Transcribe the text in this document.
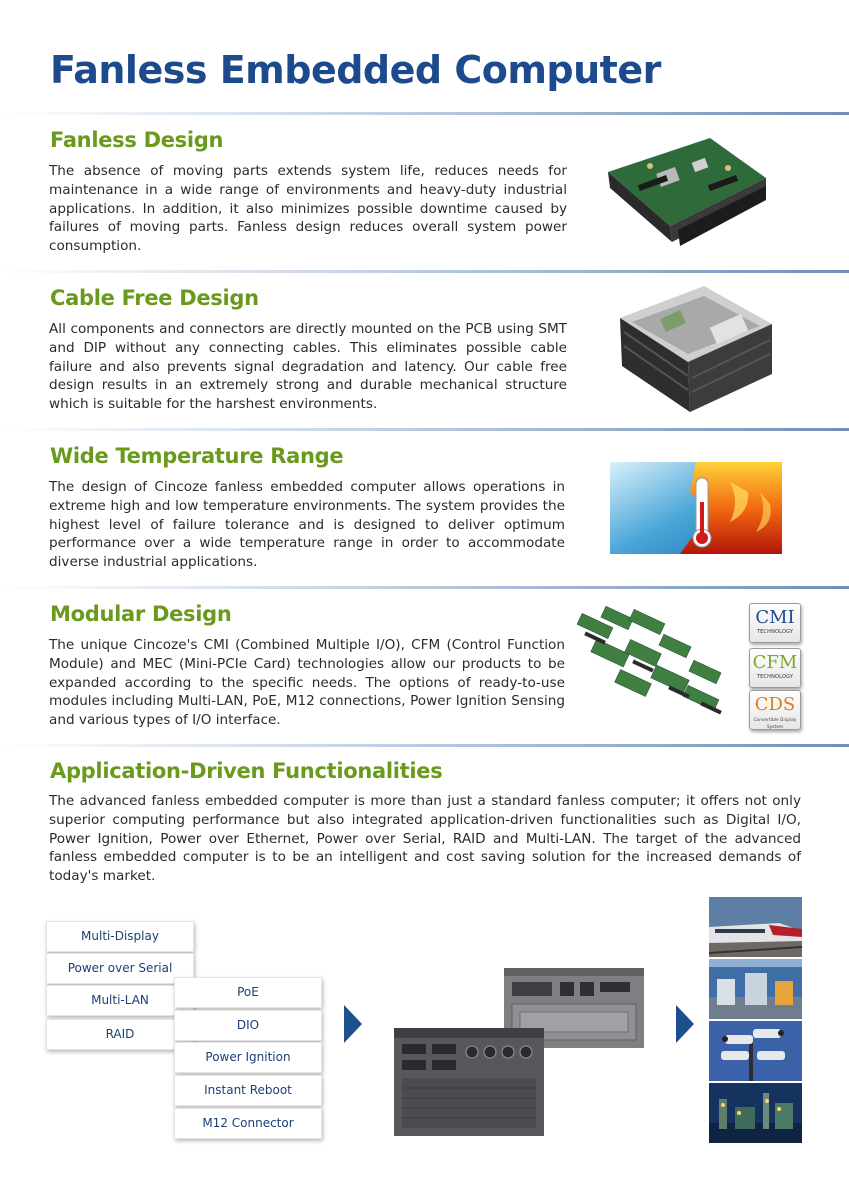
Fanless Embedded Computer
Fanless Design

The absence of moving parts extends system life, reduces needs for maintenance in a wide range of environments and heavy-duty industrial applications. In addition, it also minimizes possible downtime caused by failures of moving parts. Fanless design reduces overall system power consumption.

Cable Free Design

All components and connectors are directly mounted on the PCB using SMT and DIP without any connecting cables. This eliminates possible cable failure and also prevents signal degradation and latency. Our cable free design results in an extremely strong and durable mechanical structure which is suitable for the harshest environments.

Wide Temperature Range

The design of Cincoze fanless embedded computer allows operations in extreme high and low temperature environments. The system provides the highest level of failure tolerance and is designed to deliver optimum performance over a wide temperature range in order to accommodate diverse industrial applications.

Modular Design

The unique Cincoze's CMI (Combined Multiple I/O), CFM (Control Function Module) and MEC (Mini-PCIe Card) technologies allow our products to be expanded according to the specific needs. The options of ready-to-use modules including Multi-LAN, PoE, M12 connections, Power Ignition Sensing and various types of I/O interface.

CMI
TECHNOLOGY
CFM
TECHNOLOGY
CDS
Convertible Display System
Application-Driven Functionalities

The advanced fanless embedded computer is more than just a standard fanless computer; it offers not only superior computing performance but also integrated application-driven functionalities such as Digital I/O, Power Ignition, Power over Ethernet, Power over Serial, RAID and Multi-LAN. The target of the advanced fanless embedded computer is to be an intelligent and cost saving solution for the increased demands of today's market.

Multi-Display
Power over Serial
Multi-LAN
RAID
PoE
DIO
Power Ignition
Instant Reboot
M12 Connector
